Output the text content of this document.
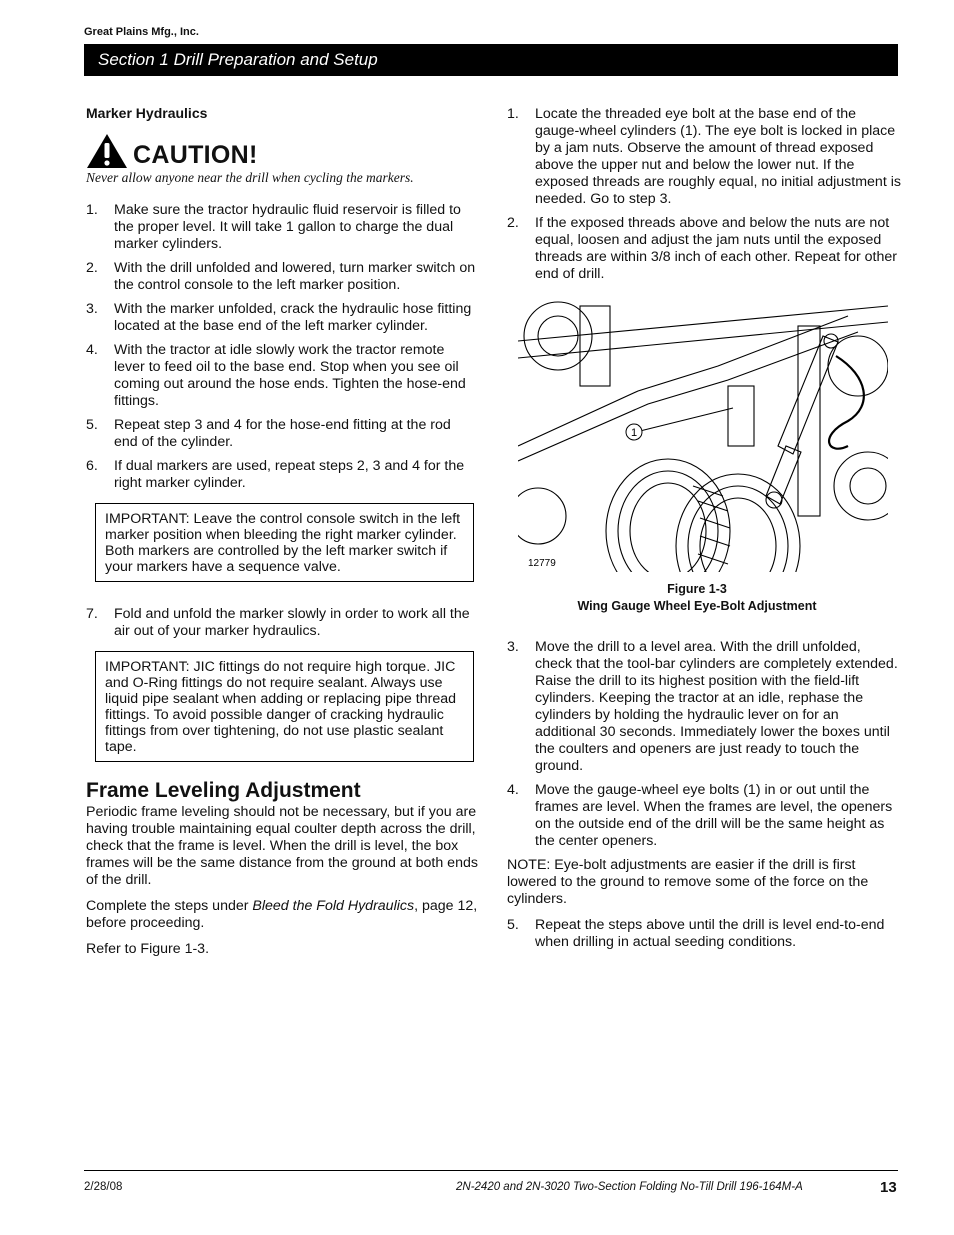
Great Plains Mfg., Inc.
Section 1 Drill Preparation and Setup
Marker Hydraulics
CAUTION!
Never allow anyone near the drill when cycling the markers.
1. Make sure the tractor hydraulic fluid reservoir is filled to the proper level. It will take 1 gallon to charge the dual marker cylinders.
2. With the drill unfolded and lowered, turn marker switch on the control console to the left marker position.
3. With the marker unfolded, crack the hydraulic hose fitting located at the base end of the left marker cylinder.
4. With the tractor at idle slowly work the tractor remote lever to feed oil to the base end. Stop when you see oil coming out around the hose ends. Tighten the hose-end fittings.
5. Repeat step 3 and 4 for the hose-end fitting at the rod end of the cylinder.
6. If dual markers are used, repeat steps 2, 3 and 4 for the right marker cylinder.
IMPORTANT: Leave the control console switch in the left marker position when bleeding the right marker cylinder. Both markers are controlled by the left marker switch if your markers have a sequence valve.
7. Fold and unfold the marker slowly in order to work all the air out of your marker hydraulics.
IMPORTANT: JIC fittings do not require high torque. JIC and O-Ring fittings do not require sealant. Always use liquid pipe sealant when adding or replacing pipe thread fittings. To avoid possible danger of cracking hydraulic fittings from over tightening, do not use plastic sealant tape.
Frame Leveling Adjustment
Periodic frame leveling should not be necessary, but if you are having trouble maintaining equal coulter depth across the drill, check that the frame is level. When the drill is level, the box frames will be the same distance from the ground at both ends of the drill.
Complete the steps under Bleed the Fold Hydraulics, page 12, before proceeding.
Refer to Figure 1-3.
1. Locate the threaded eye bolt at the base end of the gauge-wheel cylinders (1). The eye bolt is locked in place by a jam nuts. Observe the amount of thread exposed above the upper nut and below the lower nut. If the exposed threads are roughly equal, no initial adjustment is needed. Go to step 3.
2. If the exposed threads above and below the nuts are not equal, loosen and adjust the jam nuts until the exposed threads are within 3/8 inch of each other. Repeat for other end of drill.
1
12779
Figure 1-3
Wing Gauge Wheel Eye-Bolt Adjustment
3. Move the drill to a level area. With the drill unfolded, check that the tool-bar cylinders are completely extended. Raise the drill to its highest position with the field-lift cylinders. Keeping the tractor at an idle, rephase the cylinders by holding the hydraulic lever on for an additional 30 seconds. Immediately lower the boxes until the coulters and openers are just ready to touch the ground.
4. Move the gauge-wheel eye bolts (1) in or out until the frames are level. When the frames are level, the openers on the outside end of the drill will be the same height as the center openers.
NOTE: Eye-bolt adjustments are easier if the drill is first lowered to the ground to remove some of the force on the cylinders.
5. Repeat the steps above until the drill is level end-to-end when drilling in actual seeding conditions.
2/28/08	2N-2420 and 2N-3020 Two-Section Folding No-Till Drill 196-164M-A	13
